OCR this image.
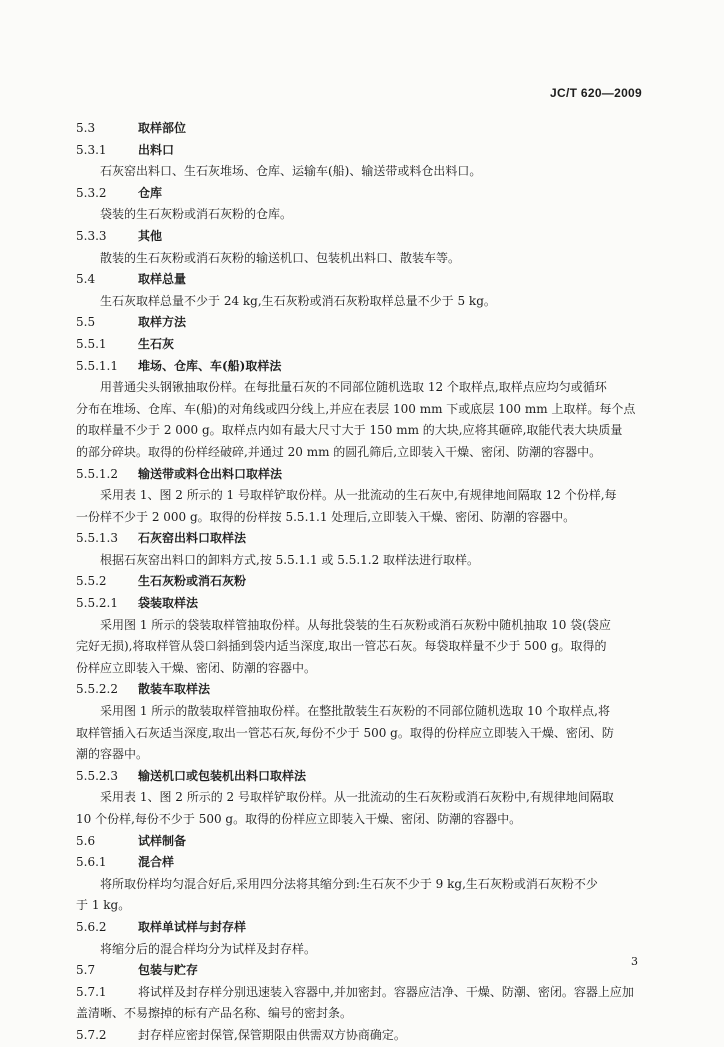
JC/T 620—2009
5.3	取样部位
5.3.1	出料口
石灰窑出料口、生石灰堆场、仓库、运输车(船)、输送带或料仓出料口。
5.3.2	仓库
袋装的生石灰粉或消石灰粉的仓库。
5.3.3	其他
散装的生石灰粉或消石灰粉的输送机口、包装机出料口、散装车等。
5.4	取样总量
生石灰取样总量不少于 24 kg,生石灰粉或消石灰粉取样总量不少于 5 kg。
5.5	取样方法
5.5.1	生石灰
5.5.1.1 堆场、仓库、车(船)取样法
用普通尖头钢锹抽取份样。在每批量石灰的不同部位随机选取 12 个取样点,取样点应均匀或循环
分布在堆场、仓库、车(船)的对角线或四分线上,并应在表层 100 mm 下或底层 100 mm 上取样。每个点
的取样量不少于 2 000 g。取样点内如有最大尺寸大于 150 mm 的大块,应将其砸碎,取能代表大块质量
的部分碎块。取得的份样经破碎,并通过 20 mm 的圆孔筛后,立即装入干燥、密闭、防潮的容器中。
5.5.1.2 输送带或料仓出料口取样法
采用表 1、图 2 所示的 1 号取样铲取份样。从一批流动的生石灰中,有规律地间隔取 12 个份样,每
一份样不少于 2 000 g。取得的份样按 5.5.1.1 处理后,立即装入干燥、密闭、防潮的容器中。
5.5.1.3 石灰窑出料口取样法
根据石灰窑出料口的卸料方式,按 5.5.1.1 或 5.5.1.2 取样法进行取样。
5.5.2	生石灰粉或消石灰粉
5.5.2.1 袋装取样法
采用图 1 所示的袋装取样管抽取份样。从每批袋装的生石灰粉或消石灰粉中随机抽取 10 袋(袋应
完好无损),将取样管从袋口斜插到袋内适当深度,取出一管芯石灰。每袋取样量不少于 500 g。取得的
份样应立即装入干燥、密闭、防潮的容器中。
5.5.2.2 散装车取样法
采用图 1 所示的散装取样管抽取份样。在整批散装生石灰粉的不同部位随机选取 10 个取样点,将
取样管插入石灰适当深度,取出一管芯石灰,每份不少于 500 g。取得的份样应立即装入干燥、密闭、防
潮的容器中。
5.5.2.3 输送机口或包装机出料口取样法
采用表 1、图 2 所示的 2 号取样铲取份样。从一批流动的生石灰粉或消石灰粉中,有规律地间隔取
10 个份样,每份不少于 500 g。取得的份样应立即装入干燥、密闭、防潮的容器中。
5.6	试样制备
5.6.1	混合样
将所取份样均匀混合好后,采用四分法将其缩分到:生石灰不少于 9 kg,生石灰粉或消石灰粉不少
于 1 kg。
5.6.2	取样单试样与封存样
将缩分后的混合样均分为试样及封存样。
5.7	包装与贮存
5.7.1	将试样及封存样分别迅速装入容器中,并加密封。容器应洁净、干燥、防潮、密闭。容器上应加
盖清晰、不易擦掉的标有产品名称、编号的密封条。
5.7.2	封存样应密封保管,保管期限由供需双方协商确定。
3
